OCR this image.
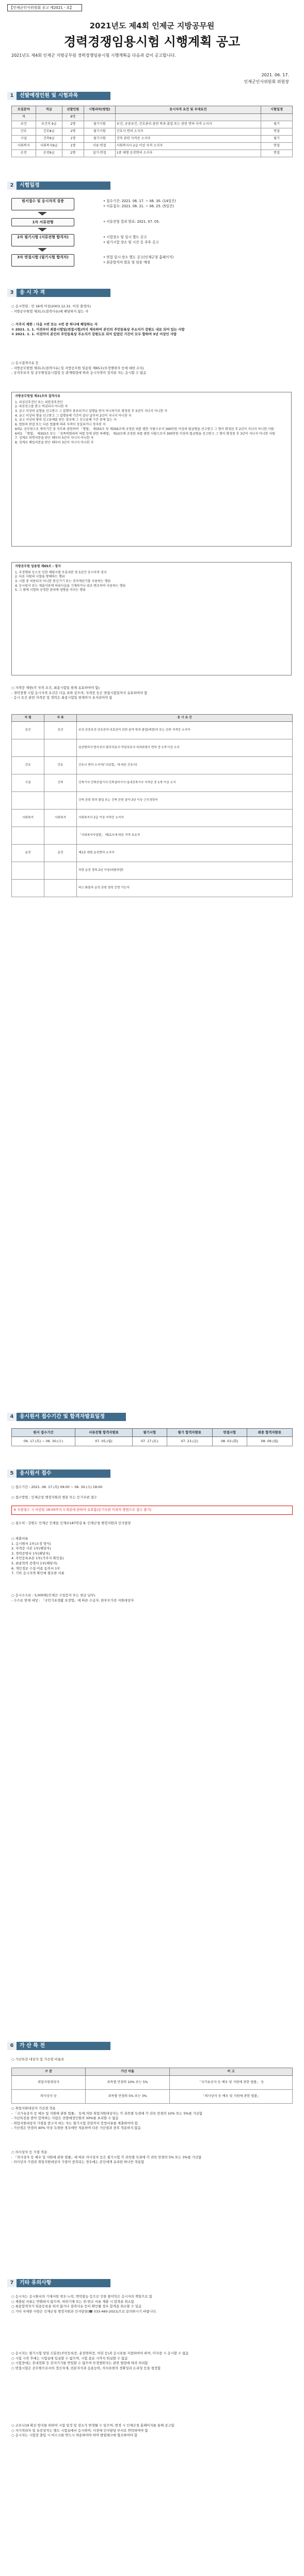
【인제군인사위원회 공고 제2021 - 호】
2021년도 제4회 인제군 지방공무원
경력경쟁임용시험 시행계획 공고
2021년도 제4회 인제군 지방공무원 경력경쟁임용시험 시행계획을 다음과 같이 공고합니다.
2021. 06. 17.
인제군인사위원회 위원장
1 선발예정인원 및 시험과목
모집분야	직급	선발인원	시험과목(방법)	응시자격 요건 및 우대요건	시험일정
계		8명			
보건	보건직 9급	2명	필기시험	보건, 공중보건, 간호관리 관련 학과 졸업 또는 관련 면허·자격 소지자	필기
간호	간호8급	2명	필기시험	간호사 면허 소지자	면접
시설	건축9급	1명	필기시험	건축 관련 자격증 소지자	필기
사회복지	사회복지9급	1명	서류·면접	사회복지사 2급 이상 자격 소지자	면접
운전	운전9급	2명	실기·면접	1종 대형 운전면허 소지자	면접
2 시험일정
원서접수 및 응시자격 검증	• 접수기간: 2021. 06. 17. ~ 06. 30. (14일간)
• 서류접수: 2021. 06. 21. ~ 06. 25. (5일간)
1차 서류전형	• 서류전형 결과 발표: 2021. 07. 05.
2차 필기시험 (서류전형 합격자)	• 시험장소 및 일시 별도 공고
• 필기시험 장소 및 시간 등 추후 공고
3차 면접시험 (필기시험 합격자)	• 면접 일시·장소 별도 공고(인제군청 홈페이지)
• 최종합격자 발표 및 임용 예정
3 응 시 자 격
○ 응시연령 : 만 18세 이상(2003.12.31. 이전 출생자)
- 지방공무원법 제31조(결격사유)에 해당하지 않는 자
○ 거주지 제한 : 다음 ①번 또는 ②번 중 하나에 해당하는 자
① 2021. 1. 1. 이전부터 최종시험일(면접시험)까지 계속하여 본인의 주민등록상 주소지가 강원도 내로 되어 있는 사람
② 2021. 1. 1. 이전까지 본인의 주민등록상 주소지가 강원도로 되어 있었던 기간이 모두 합하여 3년 이상인 사람
○ 응시결격사유 등
- 지방공무원법 제31조(결격사유) 및 지방공무원 임용령 제65조(부정행위자 등에 대한 조치)
- 공직후보자 및 공무원임용시험령 등 관계법령에 따라 응시자격이 정지된 자는 응시할 수 없음
지방공무원법 제31조의 결격사유
1. 피성년후견인 또는 피한정후견인
2. 파산선고를 받고 복권되지 아니한 자
3. 금고 이상의 실형을 선고받고 그 집행이 종료되거나 집행을 받지 아니하기로 확정된 후 5년이 지나지 아니한 자
4. 금고 이상의 형을 선고받고 그 집행유예 기간이 끝난 날부터 2년이 지나지 아니한 자
5. 금고 이상의 형의 선고유예를 받은 경우에 그 선고유예 기간 중에 있는 자
6. 법원의 판결 또는 다른 법률에 따라 자격이 상실되거나 정지된 자
6의2. 공무원으로 재직기간 중 직무와 관련하여 「형법」 제355조 및 제356조에 규정된 죄를 범한 사람으로서 300만원 이상의 벌금형을 선고받고 그 형이 확정된 후 2년이 지나지 아니한 사람
6의3. 「형법」 제303조 또는 「성폭력범죄의 처벌 등에 관한 특례법」 제10조에 규정된 죄를 범한 사람으로서 300만원 이상의 벌금형을 선고받고 그 형이 확정된 후 3년이 지나지 아니한 사람
7. 징계로 파면처분을 받은 때부터 5년이 지나지 아니한 자
8. 징계로 해임처분을 받은 때부터 3년이 지나지 아니한 자
지방공무원 임용령 제65조 : 정지
1. 부정행위 등으로 인한 해당시험 무효처분 및 5년간 응시자격 정지
2. 다른 사람의 시험을 방해하는 행위
3. 시험 중 허용되지 아니한 통신기기 또는 전자계산기를 사용하는 행위
4. 응시원서 또는 제출서류에 허위사실을 기재하거나 위조·변조하여 사용하는 행위
5. 그 밖에 시험의 공정한 관리에 영향을 미치는 행위
○ 자격증 제한(각 자격 요건, 최종시험일 현재 유효하여야 함)
- 경력경쟁 시험 응시자격 요건은 다음 표와 같으며, 자격증 등은 면접시험일까지 유효하여야 함
- 응시 요건 관련 자격증 및 경력은 최종시험일 현재까지 유지되어야 함
직 렬	직 류	응 시 요 건
보건	보건	보건·공중보건·간호관리·의료관리 관련 분야 학과 졸업(예정)자 또는 관련 자격증 소지자
		임상병리사·방사선사·물리치료사·작업치료사·치과위생사 면허 중 1개 이상 소지
간호	간호	간호사 면허 소지자(「의료법」에 따른 간호사)
시설	건축	건축기사·건축산업기사·건축설비기사·실내건축기사 자격증 중 1개 이상 소지
		건축 관련 학과 졸업 또는 건축 관련 분야 3년 이상 근무경력자
사회복지	사회복지	사회복지사 2급 이상 자격증 소지자
		「사회복지사업법」 제11조에 따른 자격 보유자
운전	운전	제1종 대형 운전면허 소지자
		차량 운전 경력 2년 이상(대형차량)
		버스·화물차 운전 관련 경력 증빙 가능자
4 응시원서 접수기간 및 합격자발표일정
원서 접수기간	서류전형 합격자발표	필기시험	필기 합격자발표	면접시험	최종 합격자발표
06. 17.(목) ~ 06. 30.(수)	07. 05.(월)	07. 17.(토)	07. 23.(금)	08. 03.(화)	08. 09.(월)
5 응시원서 접수
○ 접수기간 : 2021. 06. 17.(목) 09:00 ~ 06. 30.(수) 18:00
○ 접수방법 : 인제군청 행정지원과 방문 또는 등기우편 접수
※ 우편접수 시 마감일 18:00까지 도착분에 한하여 유효함(등기우편 이외의 방법으로 접수 불가)
○ 접수처 : 강원도 인제군 인제읍 인제로187번길 8, 인제군청 행정지원과 인사담당
○ 제출서류
1. 응시원서 1부(소정 양식)
2. 자격증 사본 1부(해당자)
3. 경력증명서 1부(해당자)
4. 주민등록초본 1부(거주지 확인용)
5. 최종학력 증명서 1부(해당자)
6. 개인정보 수집·이용 동의서 1부
7. 기타 응시자격 확인에 필요한 서류
○ 응시수수료 : 5,000원(인제군 수입증지 또는 현금 납부)
- 수수료 면제 대상 : 「국민기초생활 보장법」에 따른 수급자, 한부모가족 지원대상자
6 가 산 특 전
○ 가산특전 대상자 및 가산점 비율표
구 분	가산 비율	비 고
취업지원대상자	과목별 만점의 10% 또는 5%	「국가유공자 등 예우 및 지원에 관한 법률」 등
의사상자 등	과목별 만점의 5% 또는 3%	「의사상자 등 예우 및 지원에 관한 법률」
○ 취업지원대상자 가산점 적용
- 「국가유공자 등 예우 및 지원에 관한 법률」 등에 의한 취업지원대상자는 각 과목별 득점에 각 과목 만점의 10% 또는 5%를 가산함
- 가산특전을 받아 합격하는 사람은 선발예정인원의 30%를 초과할 수 없음
- 취업지원대상자 가점을 받고자 하는 자는 필기시험 전일까지 증빙서류를 제출하여야 함
- 가산점은 만점의 40% 이상 득점한 경우에만 적용하며 다른 가산점과 중복 적용하지 않음
○ 의사상자 등 가점 적용
- 「의사상자 등 예우 및 지원에 관한 법률」에 따른 의사상자 등은 필기시험 각 과목별 득점에 각 과목 만점의 5% 또는 3%를 가산함
- 의사상자 가점과 취업지원대상자 가점이 중복되는 경우에는 본인에게 유리한 하나만 적용함
7 기타 유의사항
○ 응시자는 응시원서의 기재사항 착오·누락, 연락불능 등으로 인한 불이익은 응시자의 책임으로 함
○ 제출된 서류는 반환하지 않으며, 허위기재 또는 위·변조 서류 제출 시 합격을 취소함
○ 최종합격자가 임용등록을 하지 않거나 결격사유 등이 확인될 경우 합격을 취소할 수 있음
○ 기타 자세한 사항은 인제군청 행정지원과 인사담당(☎ 033-460-2021)으로 문의하시기 바랍니다.
○ 응시자는 필기시험 당일 신분증(주민등록증, 운전면허증, 여권 등)과 응시표를 지참하여야 하며, 미지참 시 응시할 수 없음
○ 시험 시작 후에는 시험실에 입실할 수 없으며, 시험 종료 시까지 퇴실할 수 없음
○ 시험장에는 휴대전화 등 전자기기를 반입할 수 없으며 부정행위자는 관련 법령에 따라 처리함
○ 면접시험은 공무원으로서의 정신자세, 전문지식과 응용능력, 의사표현의 정확성과 논리성 등을 평정함
○ 코로나19 확산 방지를 위하여 시험 일정 및 장소가 변경될 수 있으며, 변경 시 인제군청 홈페이지를 통해 공고함
○ 자가격리자 및 유증상자는 별도 시험실에서 응시하며, 사전에 인사담당 부서로 연락하여야 함
○ 응시자는 시험장 출입 시 마스크를 반드시 착용하여야 하며 발열체크에 협조하여야 함
